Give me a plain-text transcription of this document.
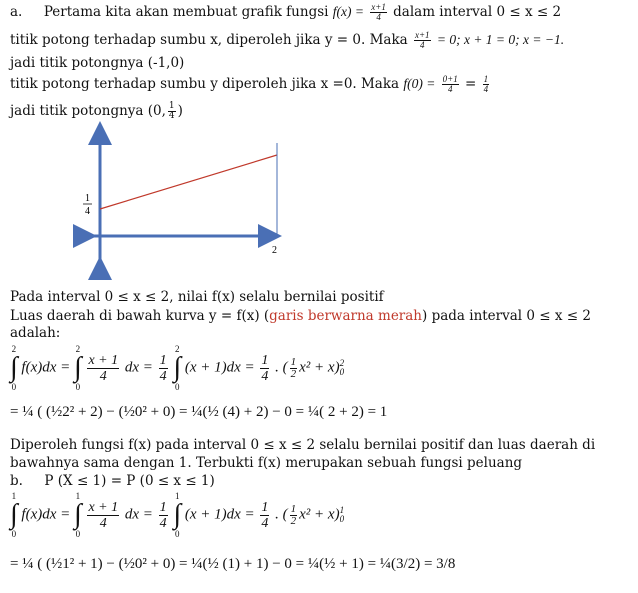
a. Pertama kita akan membuat grafik fungsi $f(x) = \frac{x+1}{4}$ dalam interval 0 ≤ x ≤ 2
titik potong terhadap sumbu x, diperoleh jika y = 0. Maka $\frac{x+1}{4} = 0$; x + 1 = 0; x = −1.
jadi titik potongnya (-1,0)
titik potong terhadap sumbu y diperoleh jika x =0. Maka $f(0) = \frac{0+1}{4} = \frac{1}{4}$
jadi titik potongnya (0, $\frac{1}{4}$ )
1
4
2
Pada interval 0 ≤ x ≤ 2, nilai f(x) selalu bernilai positif
Luas daerah di bawah kurva y = f(x) (garis berwarna merah) pada interval 0 ≤ x ≤ 2
adalah:
2
∫
0
f(x)dx =
2
∫
0

$\frac{x + 1}{4}$ dx = $\frac{1}{4}$

2
∫
0
$(x + 1)dx = \frac{1}{4}$ . ( $\frac{1}{2} x^2 + x$) 2
0
= ¼ ( (½2² + 2) − (½0² + 0) = ¼(½ (4) + 2) − 0 = ¼( 2 + 2) = 1
Diperoleh fungsi f(x) pada interval 0 ≤ x ≤ 2 selalu bernilai positif dan luas daerah di
bawahnya sama dengan 1. Terbukti f(x) merupakan sebuah fungsi peluang
b. P (X ≤ 1) = P (0 ≤ x ≤ 1)
1
∫
0
f(x)dx =
1
∫
0

$\frac{x + 1}{4}$ dx = $\frac{1}{4}$

1
∫
0
$(x + 1)dx = \frac{1}{4}$ . ( $\frac{1}{2} x^2 + x$) 1
0
= ¼ ( (½1² + 1) − (½0² + 0) = ¼(½ (1) + 1) − 0 = ¼(½ + 1) = ¼(3/2) = 3/8
